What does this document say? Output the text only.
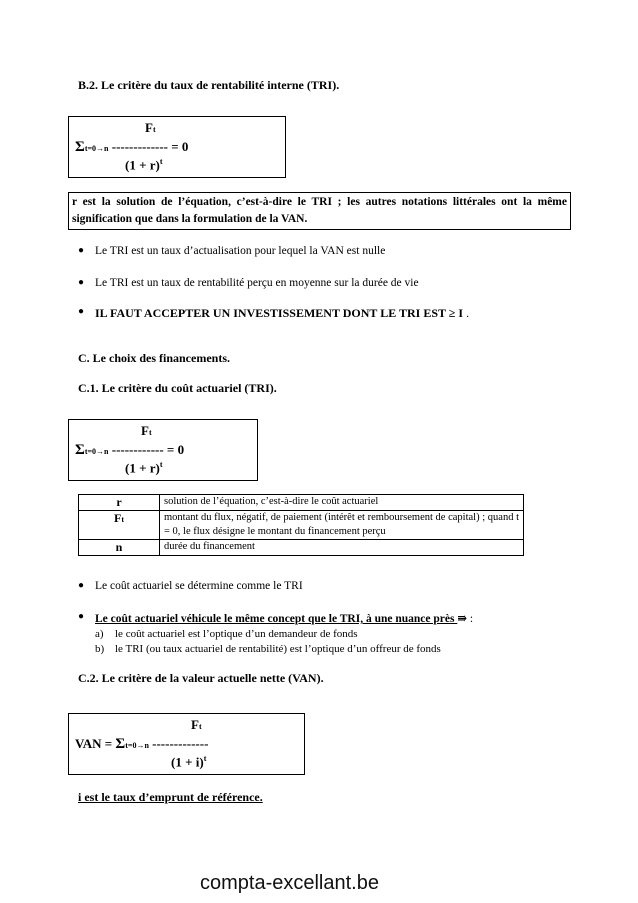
B.2. Le critère du taux de rentabilité interne (TRI).
Ft
Σt=0→n ------------- = 0
$(1 + r)^t$
r est la solution de l’équation, c’est-à-dire le TRI ; les autres notations littérales ont la même signification que dans la formulation de la VAN.
● Le TRI est un taux d’actualisation pour lequel la VAN est nulle
● Le TRI est un taux de rentabilité perçu en moyenne sur la durée de vie
● IL FAUT ACCEPTER UN INVESTISSEMENT DONT LE TRI EST ≥ I .
C. Le choix des financements.
C.1. Le critère du coût actuariel (TRI).
Ft
Σt=0→n ------------ = 0
$(1 + r)^t$
r	solution de l’équation, c’est-à-dire le coût actuariel
Ft	montant du flux, négatif, de paiement (intérêt et remboursement de capital) ; quand t = 0, le flux désigne le montant du financement perçu
n	durée du financement
● Le coût actuariel se détermine comme le TRI
● Le coût actuariel véhicule le même concept que le TRI, à une nuance près ⇛ :
a) le coût actuariel est l’optique d’un demandeur de fonds
b) le TRI (ou taux actuariel de rentabilité) est l’optique d’un offreur de fonds
C.2. Le critère de la valeur actuelle nette (VAN).
Ft
VAN = Σt=0→n -------------
$(1 + i)^t$
i est le taux d’emprunt de référence.
compta-excellant.be
